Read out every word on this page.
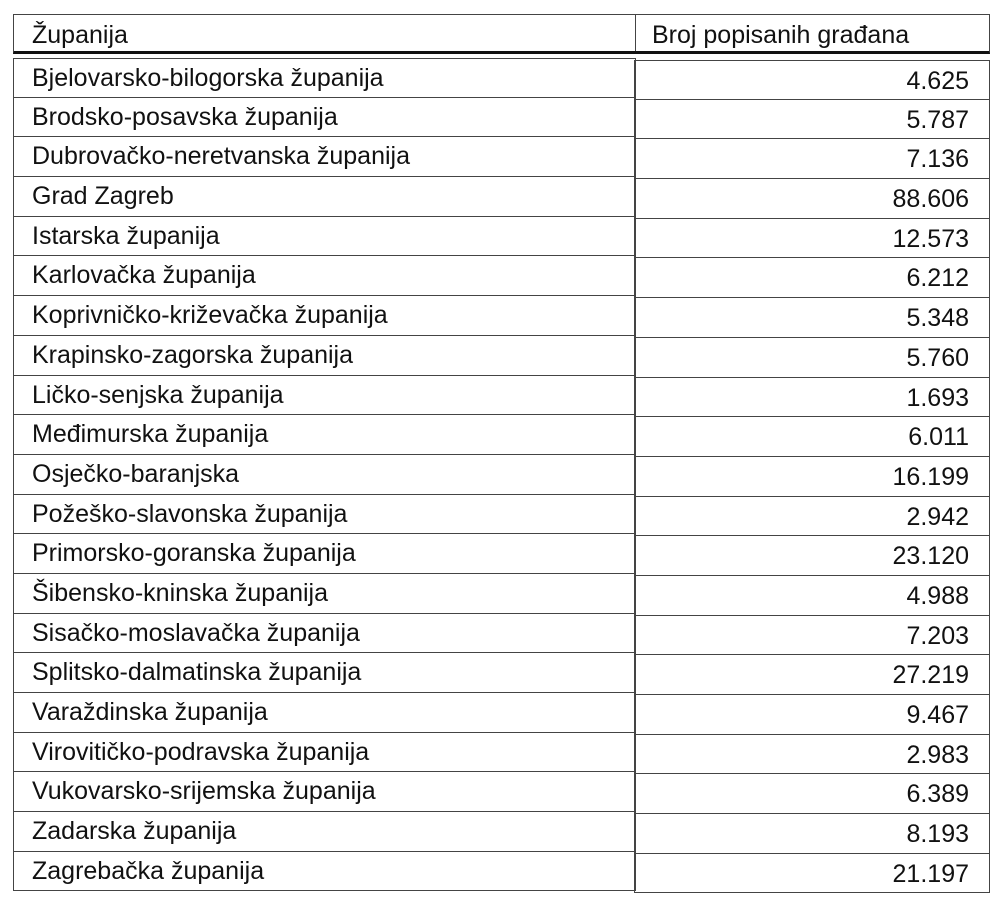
Županija	Broj popisanih građana
Bjelovarsko-bilogorska županija
Brodsko-posavska županija
Dubrovačko-neretvanska županija
Grad Zagreb
Istarska županija
Karlovačka županija
Koprivničko-križevačka županija
Krapinsko-zagorska županija
Ličko-senjska županija
Međimurska županija
Osječko-baranjska
Požeško-slavonska županija
Primorsko-goranska županija
Šibensko-kninska županija
Sisačko-moslavačka županija
Splitsko-dalmatinska županija
Varaždinska županija
Virovitičko-podravska županija
Vukovarsko-srijemska županija
Zadarska županija
Zagrebačka županija
4.625
5.787
7.136
88.606
12.573
6.212
5.348
5.760
1.693
6.011
16.199
2.942
23.120
4.988
7.203
27.219
9.467
2.983
6.389
8.193
21.197
